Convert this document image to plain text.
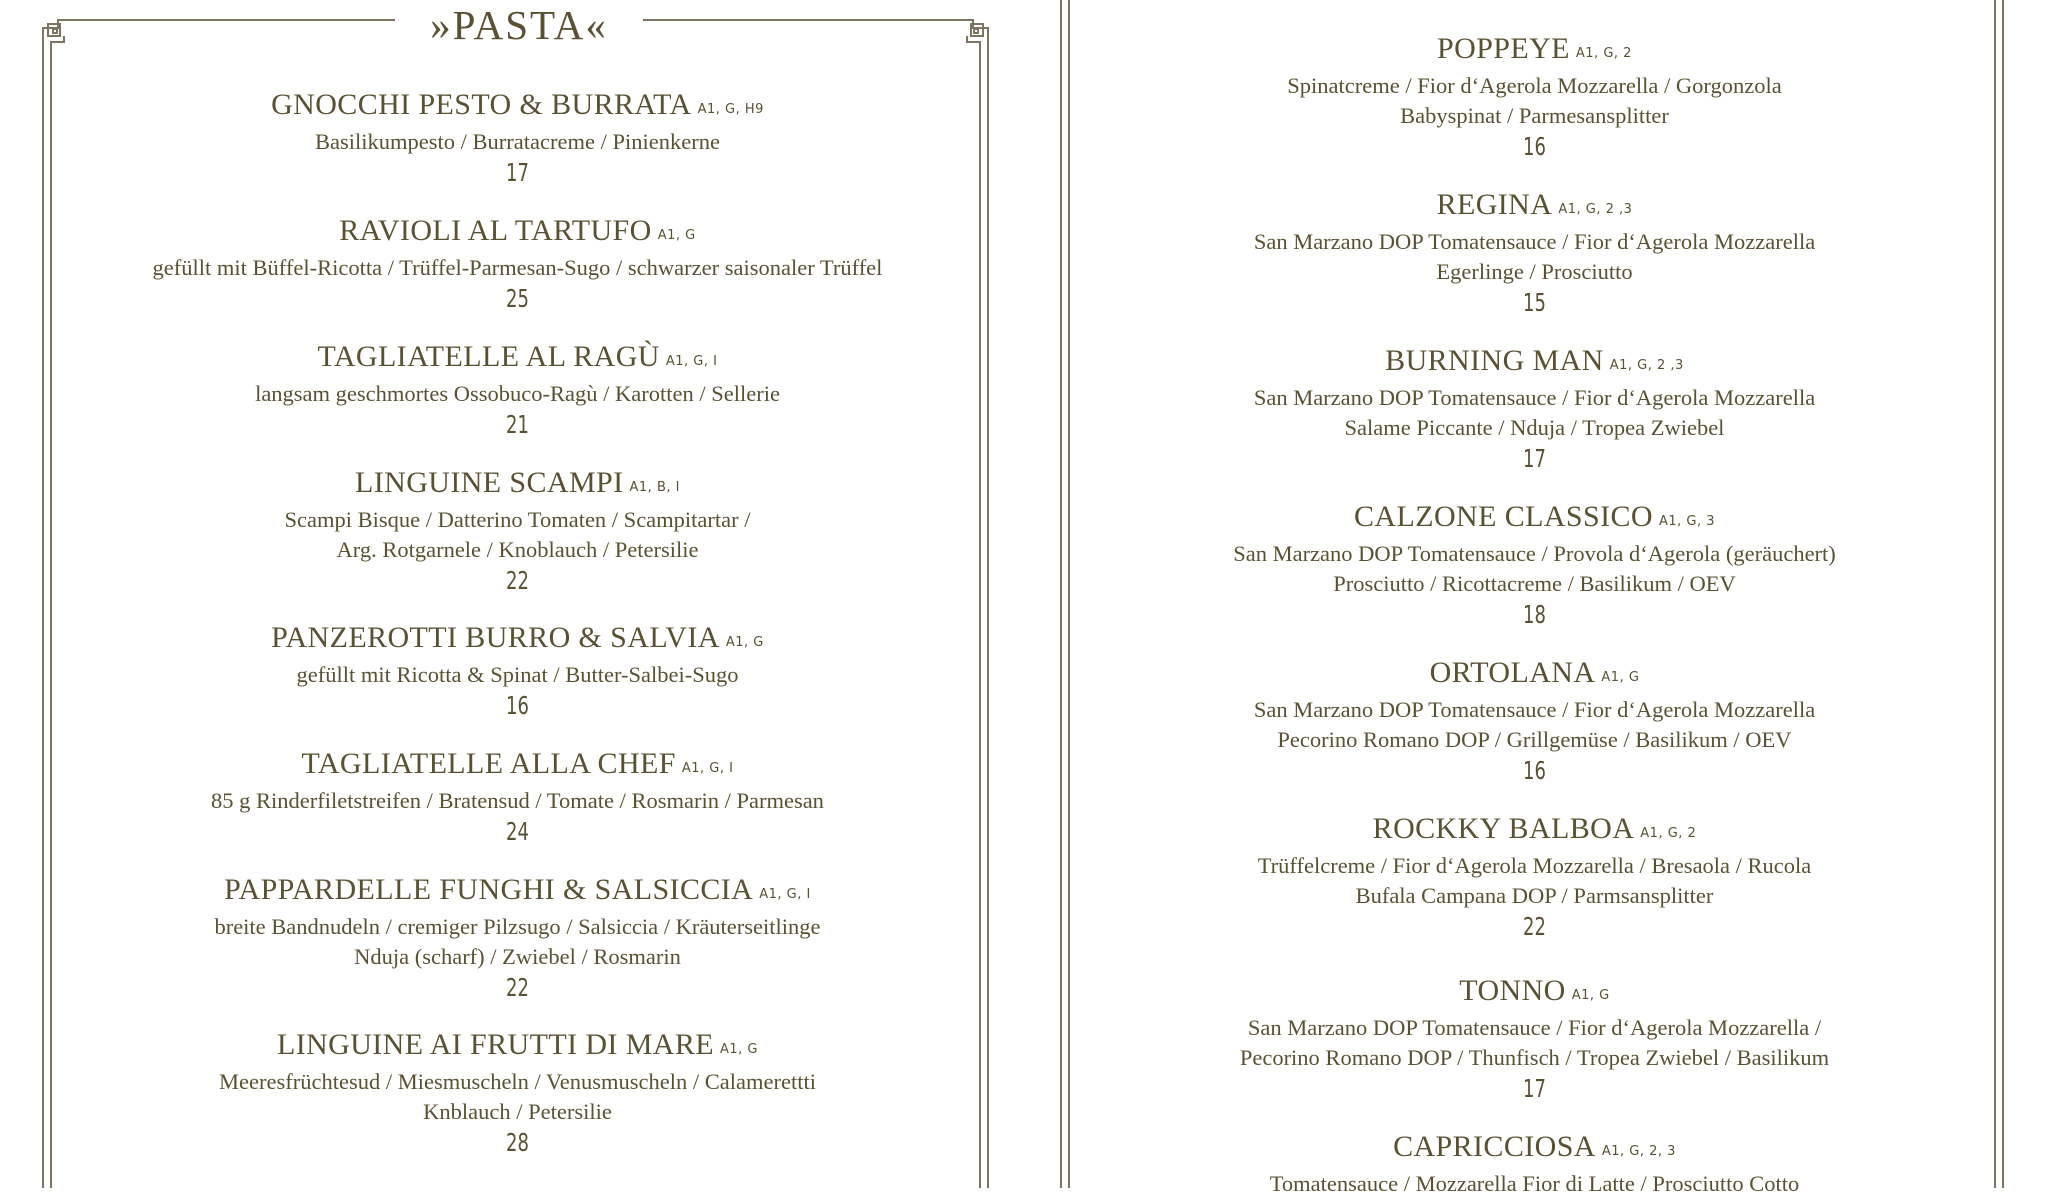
»PASTA«
GNOCCHI PESTO & BURRATA A1, G, H9
Basilikumpesto / Burratacreme / Pinienkerne
17
RAVIOLI AL TARTUFO A1, G
gefüllt mit Büffel-Ricotta / Trüffel-Parmesan-Sugo / schwarzer saisonaler Trüffel
25
TAGLIATELLE AL RAGÙ A1, G, I
langsam geschmortes Ossobuco-Ragù / Karotten / Sellerie
21
LINGUINE SCAMPI A1, B, I
Scampi Bisque / Datterino Tomaten / Scampitartar /
Arg. Rotgarnele / Knoblauch / Petersilie
22
PANZEROTTI BURRO & SALVIA A1, G
gefüllt mit Ricotta & Spinat / Butter-Salbei-Sugo
16
TAGLIATELLE ALLA CHEF A1, G, I
85 g Rinderfiletstreifen / Bratensud / Tomate / Rosmarin / Parmesan
24
PAPPARDELLE FUNGHI & SALSICCIA A1, G, I
breite Bandnudeln / cremiger Pilzsugo / Salsiccia / Kräuterseitlinge
Nduja (scharf) / Zwiebel / Rosmarin
22
LINGUINE AI FRUTTI DI MARE A1, G
Meeresfrüchtesud / Miesmuscheln / Venusmuscheln / Calamerettti
Knblauch / Petersilie
28
POPPEYE A1, G, 2
Spinatcreme / Fior d‘Agerola Mozzarella / Gorgonzola
Babyspinat / Parmesansplitter
16
REGINA A1, G, 2 ,3
San Marzano DOP Tomatensauce / Fior d‘Agerola Mozzarella
Egerlinge / Prosciutto
15
BURNING MAN A1, G, 2 ,3
San Marzano DOP Tomatensauce / Fior d‘Agerola Mozzarella
Salame Piccante / Nduja / Tropea Zwiebel
17
CALZONE CLASSICO A1, G, 3
San Marzano DOP Tomatensauce / Provola d‘Agerola (geräuchert)
Prosciutto / Ricottacreme / Basilikum / OEV
18
ORTOLANA A1, G
San Marzano DOP Tomatensauce / Fior d‘Agerola Mozzarella
Pecorino Romano DOP / Grillgemüse / Basilikum / OEV
16
ROCKKY BALBOA A1, G, 2
Trüffelcreme / Fior d‘Agerola Mozzarella / Bresaola / Rucola
Bufala Campana DOP / Parmsansplitter
22
TONNO A1, G
San Marzano DOP Tomatensauce / Fior d‘Agerola Mozzarella /
Pecorino Romano DOP / Thunfisch / Tropea Zwiebel / Basilikum
17
CAPRICCIOSA A1, G, 2, 3
Tomatensauce / Mozzarella Fior di Latte / Prosciutto Cotto
